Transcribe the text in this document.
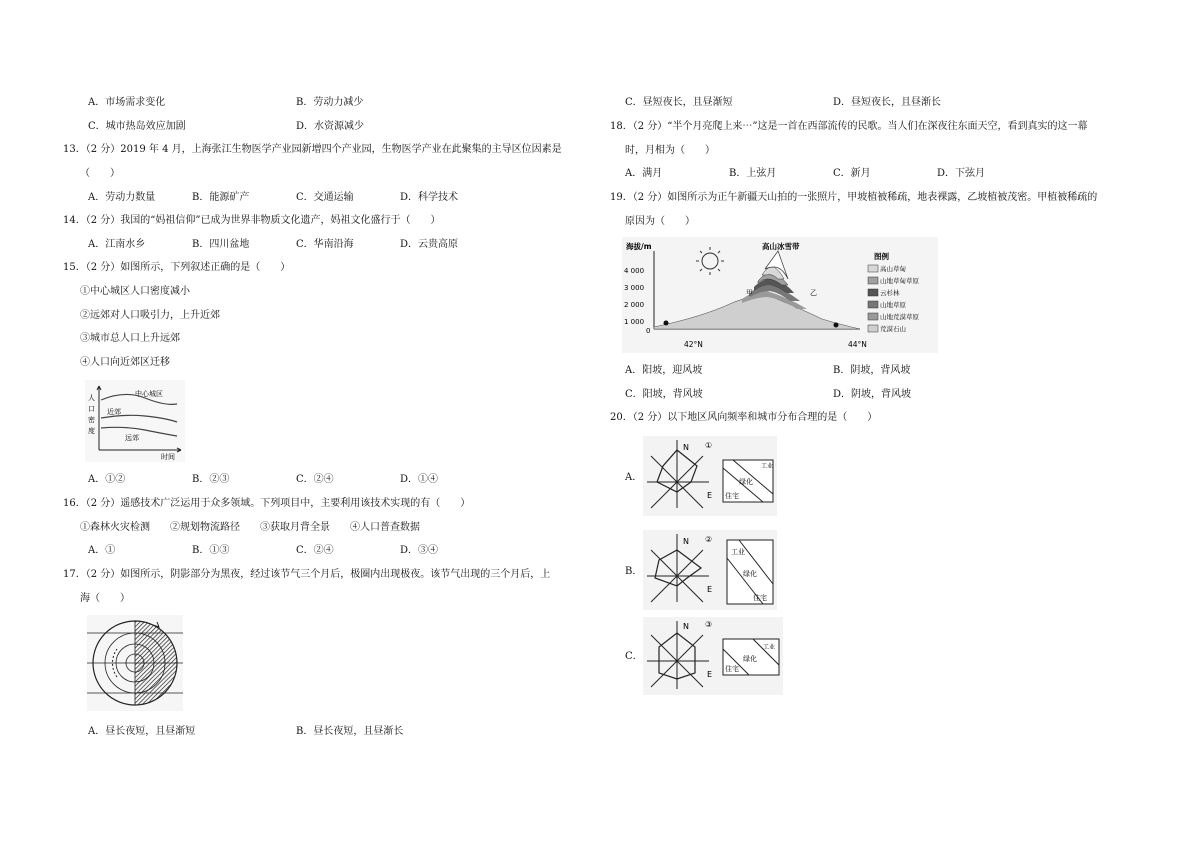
A．市场需求变化	B．劳动力减少
C．城市热岛效应加剧	D．水资源减少
13．（2 分）2019 年 4 月，上海张江生物医学产业园新增四个产业园，生物医学产业在此聚集的主导区位因素是
（　　）
A．劳动力数量	B．能源矿产	C．交通运输	D．科学技术
14．（2 分）我国的“妈祖信仰”已成为世界非物质文化遗产，妈祖文化盛行于（　　）
A．江南水乡	B．四川盆地	C．华南沿海	D．云贵高原
15．（2 分）如图所示，下列叙述正确的是（　　）
①中心城区人口密度减小
②远郊对人口吸引力，上升近郊
③城市总人口上升远郊
④人口向近郊区迁移
人
口
密
度
中心城区
近郊
远郊
时间
A．①②	B．②③	C．②④	D．①④
16．（2 分）遥感技术广泛运用于众多领域。下列项目中，主要利用该技术实现的有（　　）
①森林火灾检测　　②规划物流路径　　③获取月背全景　　④人口普查数据
A．①	B．①③	C．②④	D．③④
17．（2 分）如图所示，阴影部分为黑夜，经过该节气三个月后，极圈内出现极夜。该节气出现的三个月后，上
海（　　）
A．昼长夜短，且昼渐短	B．昼长夜短，且昼渐长
C．昼短夜长，且昼渐短	D．昼短夜长，且昼渐长
18．（2 分）“半个月亮爬上来⋯”这是一首在西部流传的民歌。当人们在深夜往东面天空，看到真实的这一幕
时，月相为（　　）
A．满月	B．上弦月	C．新月	D．下弦月
19．（2 分）如图所示为正午新疆天山拍的一张照片，甲坡植被稀疏，地表裸露，乙坡植被茂密。甲植被稀疏的
原因为（　　）
海拔/m
4 000
3 000
2 000
1 000
0
高山冰雪带
甲	乙
42°N	44°N
图例
高山草甸
山地草甸草原
云杉林
山地草原
山地荒漠草原
荒漠石山
A．阳坡，迎风坡	B．阴坡，背风坡
C．阳坡，背风坡	D．阴坡，背风坡
20．（2 分）以下地区风向频率和城市分布合理的是（　　）
A．
N
E
①
工业
绿化
住宅
B．
N
E
②
工业
绿化
住宅
C．
N
E
③
工业
绿化
住宅
